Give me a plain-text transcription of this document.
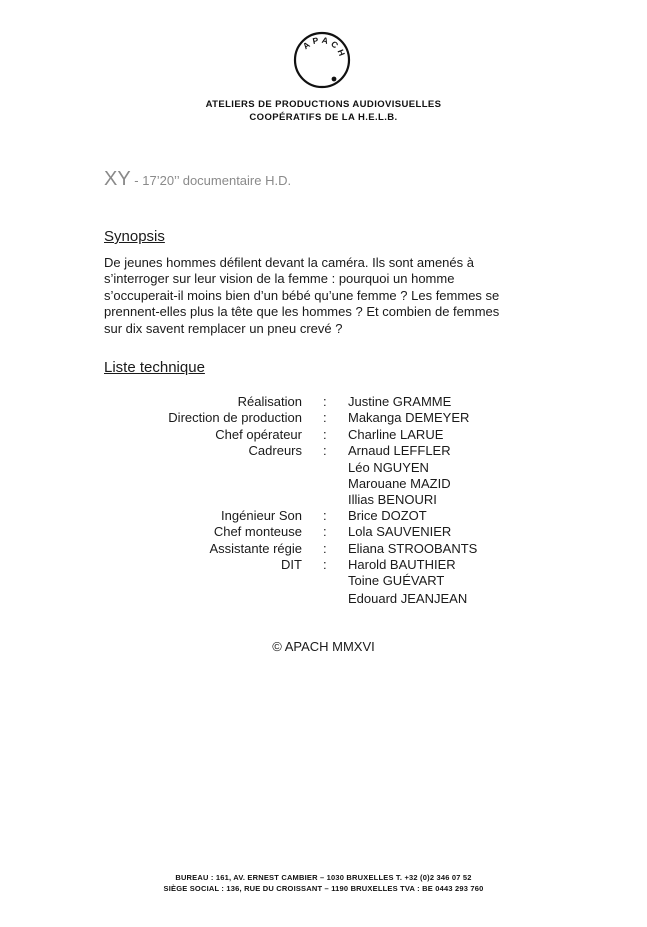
APACH
ATELIERS DE PRODUCTIONS AUDIOVISUELLES
COOPÉRATIFS DE LA H.E.L.B.
XY - 17’20’’ documentaire H.D.
Synopsis
De jeunes hommes défilent devant la caméra. Ils sont amenés à
s’interroger sur leur vision de la femme : pourquoi un homme
s’occuperait-il moins bien d’un bébé qu’une femme ? Les femmes se
prennent-elles plus la tête que les hommes ? Et combien de femmes
sur dix savent remplacer un pneu crevé ?
Liste technique
Réalisation : Justine GRAMME
Direction de production : Makanga DEMEYER
Chef opérateur : Charline LARUE
Cadreurs : Arnaud LEFFLER
Léo NGUYEN
Marouane MAZID
Illias BENOURI
Ingénieur Son : Brice DOZOT
Chef monteuse : Lola SAUVENIER
Assistante régie : Eliana STROOBANTS
DIT : Harold BAUTHIER
Toine GUÉVART
Edouard JEANJEAN
© APACH MMXVI
BUREAU : 161, AV. ERNEST CAMBIER – 1030 BRUXELLES T. +32 (0)2 346 07 52
SIÈGE SOCIAL : 136, RUE DU CROISSANT – 1190 BRUXELLES TVA : BE 0443 293 760
